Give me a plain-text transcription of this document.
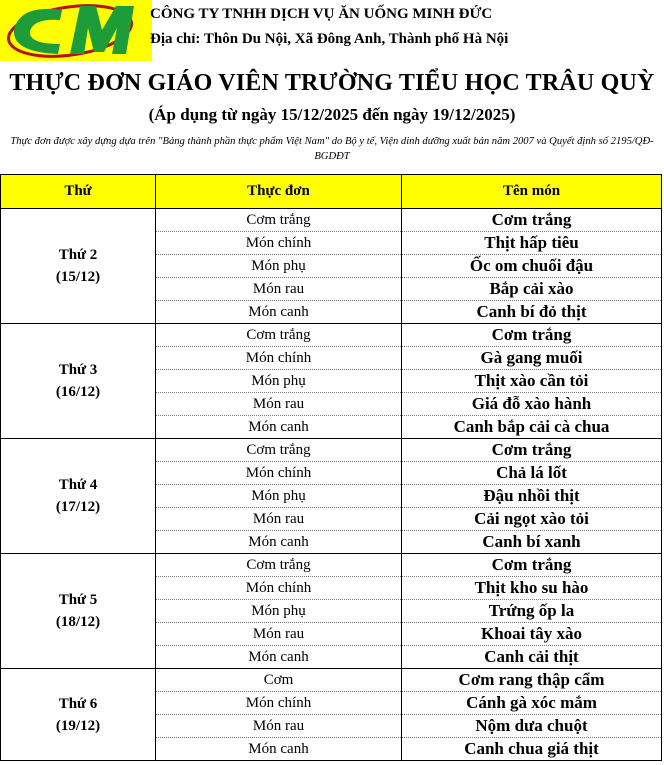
CÔNG TY TNHH DỊCH VỤ ĂN UỐNG MINH ĐỨC
Địa chỉ: Thôn Du Nội, Xã Đông Anh, Thành phố Hà Nội
THỰC ĐƠN GIÁO VIÊN TRƯỜNG TIỂU HỌC TRÂU QUỲ
(Áp dụng từ ngày 15/12/2025 đến ngày 19/12/2025)
Thực đơn được xây dựng dựa trên "Bảng thành phần thực phẩm Việt Nam" do Bộ y tế, Viện dinh dưỡng xuất bản năm 2007 và Quyết định số 2195/QĐ-BGDĐT
Thứ	Thực đơn	Tên món

Thứ 2
(15/12)	Cơm trắng	Cơm trắng
	Món chính	Thịt hấp tiêu
	Món phụ	Ốc om chuối đậu
	Món rau	Bắp cải xào
	Món canh	Canh bí đỏ thịt

Thứ 3
(16/12)	Cơm trắng	Cơm trắng
	Món chính	Gà gang muối
	Món phụ	Thịt xào cần tỏi
	Món rau	Giá đỗ xào hành
	Món canh	Canh bắp cải cà chua

Thứ 4
(17/12)	Cơm trắng	Cơm trắng
	Món chính	Chả lá lốt
	Món phụ	Đậu nhồi thịt
	Món rau	Cải ngọt xào tỏi
	Món canh	Canh bí xanh

Thứ 5
(18/12)	Cơm trắng	Cơm trắng
	Món chính	Thịt kho su hào
	Món phụ	Trứng ốp la
	Món rau	Khoai tây xào
	Món canh	Canh cải thịt

Thứ 6
(19/12)	Cơm	Cơm rang thập cẩm
	Món chính	Cánh gà xóc mắm
	Món rau	Nộm dưa chuột
	Món canh	Canh chua giá thịt
